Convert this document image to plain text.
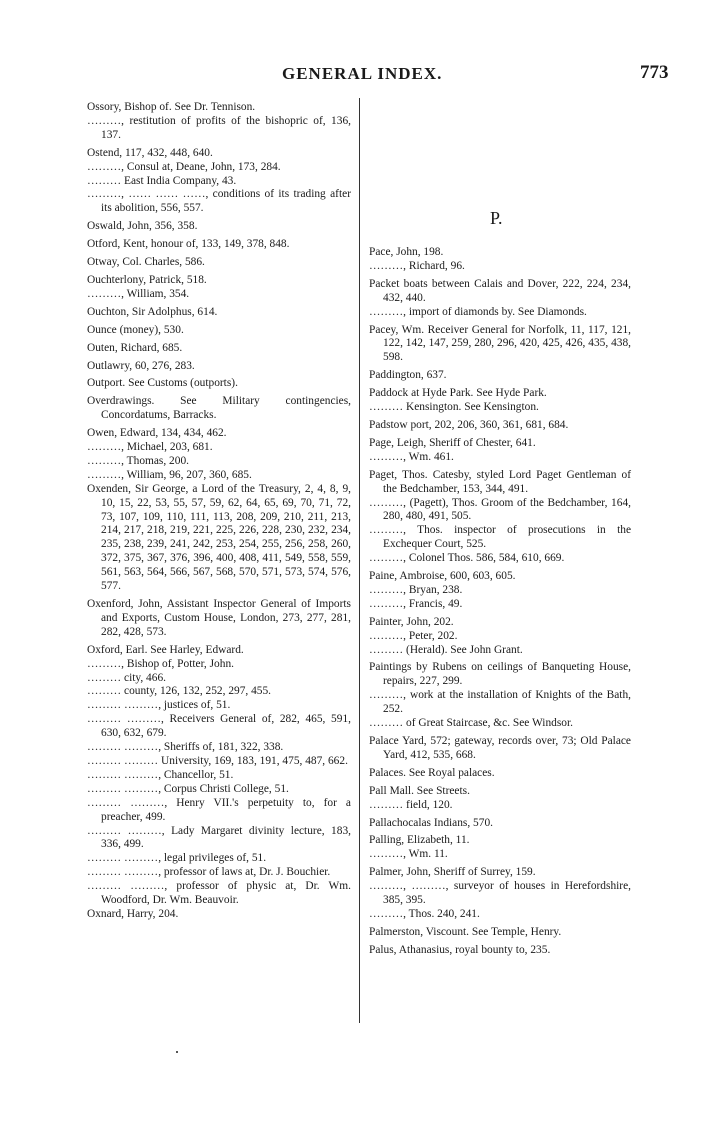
GENERAL INDEX.	773

Ossory, Bishop of. See Dr. Tennison.

………, restitution of profits of the bishopric of, 136, 137.

Ostend, 117, 432, 448, 640.

………, Consul at, Deane, John, 173, 284.

……… East India Company, 43.

………, …… …… ……, conditions of its trading after its abolition, 556, 557.

Oswald, John, 356, 358.

Otford, Kent, honour of, 133, 149, 378, 848.

Otway, Col. Charles, 586.

Ouchterlony, Patrick, 518.

………, William, 354.

Ouchton, Sir Adolphus, 614.

Ounce (money), 530.

Outen, Richard, 685.

Outlawry, 60, 276, 283.

Outport. See Customs (outports).

Overdrawings. See Military contingencies, Concordatums, Barracks.

Owen, Edward, 134, 434, 462.

………, Michael, 203, 681.

………, Thomas, 200.

………, William, 96, 207, 360, 685.

Oxenden, Sir George, a Lord of the Treasury, 2, 4, 8, 9, 10, 15, 22, 53, 55, 57, 59, 62, 64, 65, 69, 70, 71, 72, 73, 107, 109, 110, 111, 113, 208, 209, 210, 211, 213, 214, 217, 218, 219, 221, 225, 226, 228, 230, 232, 234, 235, 238, 239, 241, 242, 253, 254, 255, 256, 258, 260, 372, 375, 367, 376, 396, 400, 408, 411, 549, 558, 559, 561, 563, 564, 566, 567, 568, 570, 571, 573, 574, 576, 577.

Oxenford, John, Assistant Inspector General of Imports and Exports, Custom House, London, 273, 277, 281, 282, 428, 573.

Oxford, Earl. See Harley, Edward.

………, Bishop of, Potter, John.

……… city, 466.

……… county, 126, 132, 252, 297, 455.

……… ………, justices of, 51.

……… ………, Receivers General of, 282, 465, 591, 630, 632, 679.

……… ………, Sheriffs of, 181, 322, 338.

……… ……… University, 169, 183, 191, 475, 487, 662.

……… ………, Chancellor, 51.

……… ………, Corpus Christi College, 51.

……… ………, Henry VII.'s perpetuity to, for a preacher, 499.

……… ………, Lady Margaret divinity lecture, 183, 336, 499.

……… ………, legal privileges of, 51.

……… ………, professor of laws at, Dr. J. Bouchier.

……… ………, professor of physic at, Dr. Wm. Woodford, Dr. Wm. Beauvoir.

Oxnard, Harry, 204.

P.

Pace, John, 198.

………, Richard, 96.

Packet boats between Calais and Dover, 222, 224, 234, 432, 440.

………, import of diamonds by. See Diamonds.

Pacey, Wm. Receiver General for Norfolk, 11, 117, 121, 122, 142, 147, 259, 280, 296, 420, 425, 426, 435, 438, 598.

Paddington, 637.

Paddock at Hyde Park. See Hyde Park.

……… Kensington. See Kensington.

Padstow port, 202, 206, 360, 361, 681, 684.

Page, Leigh, Sheriff of Chester, 641.

………, Wm. 461.

Paget, Thos. Catesby, styled Lord Paget Gentleman of the Bedchamber, 153, 344, 491.

………, (Pagett), Thos. Groom of the Bedchamber, 164, 280, 480, 491, 505.

………, Thos. inspector of prosecutions in the Exchequer Court, 525.

………, Colonel Thos. 586, 584, 610, 669.

Paine, Ambroise, 600, 603, 605.

………, Bryan, 238.

………, Francis, 49.

Painter, John, 202.

………, Peter, 202.

……… (Herald). See John Grant.

Paintings by Rubens on ceilings of Banqueting House, repairs, 227, 299.

………, work at the installation of Knights of the Bath, 252.

……… of Great Staircase, &c. See Windsor.

Palace Yard, 572; gateway, records over, 73; Old Palace Yard, 412, 535, 668.

Palaces. See Royal palaces.

Pall Mall. See Streets.

……… field, 120.

Pallachocalas Indians, 570.

Palling, Elizabeth, 11.

………, Wm. 11.

Palmer, John, Sheriff of Surrey, 159.

………, ………, surveyor of houses in Herefordshire, 385, 395.

………, Thos. 240, 241.

Palmerston, Viscount. See Temple, Henry.

Palus, Athanasius, royal bounty to, 235.
